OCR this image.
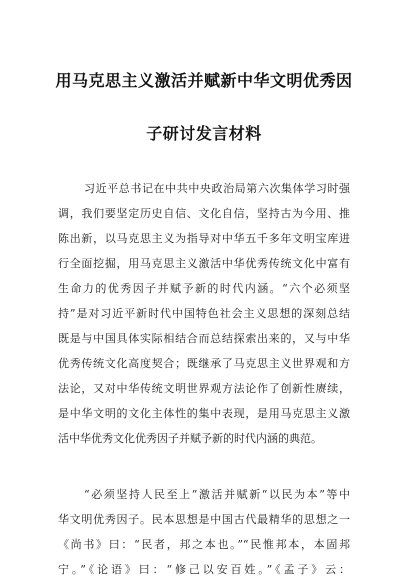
用马克思主义激活并赋新中华文明优秀因
子研讨发言材料
习近平总书记在中共中央政治局第六次集体学习时强
调，我们要坚定历史自信、文化自信，坚持古为今用、推
陈出新，以马克思主义为指导对中华五千多年文明宝库进
行全面挖掘，用马克思主义激活中华优秀传统文化中富有
生命力的优秀因子并赋予新的时代内涵。“六个必须坚
持”是对习近平新时代中国特色社会主义思想的深刻总结
既是与中国具体实际相结合而总结探索出来的，又与中华
优秀传统文化高度契合；既继承了马克思主义世界观和方
法论，又对中华传统文明世界观方法论作了创新性赓续，
是中华文明的文化主体性的集中表现，是用马克思主义激
活中华优秀文化优秀因子并赋予新的时代内涵的典范。
“必须坚持人民至上”激活并赋新“以民为本”等中
华文明优秀因子。民本思想是中国古代最精华的思想之一
《尚书》曰：“民者，邦之本也。”“民惟邦本，本固邦
宁。”《论语》曰：“修己以安百姓。”《孟子》云：
